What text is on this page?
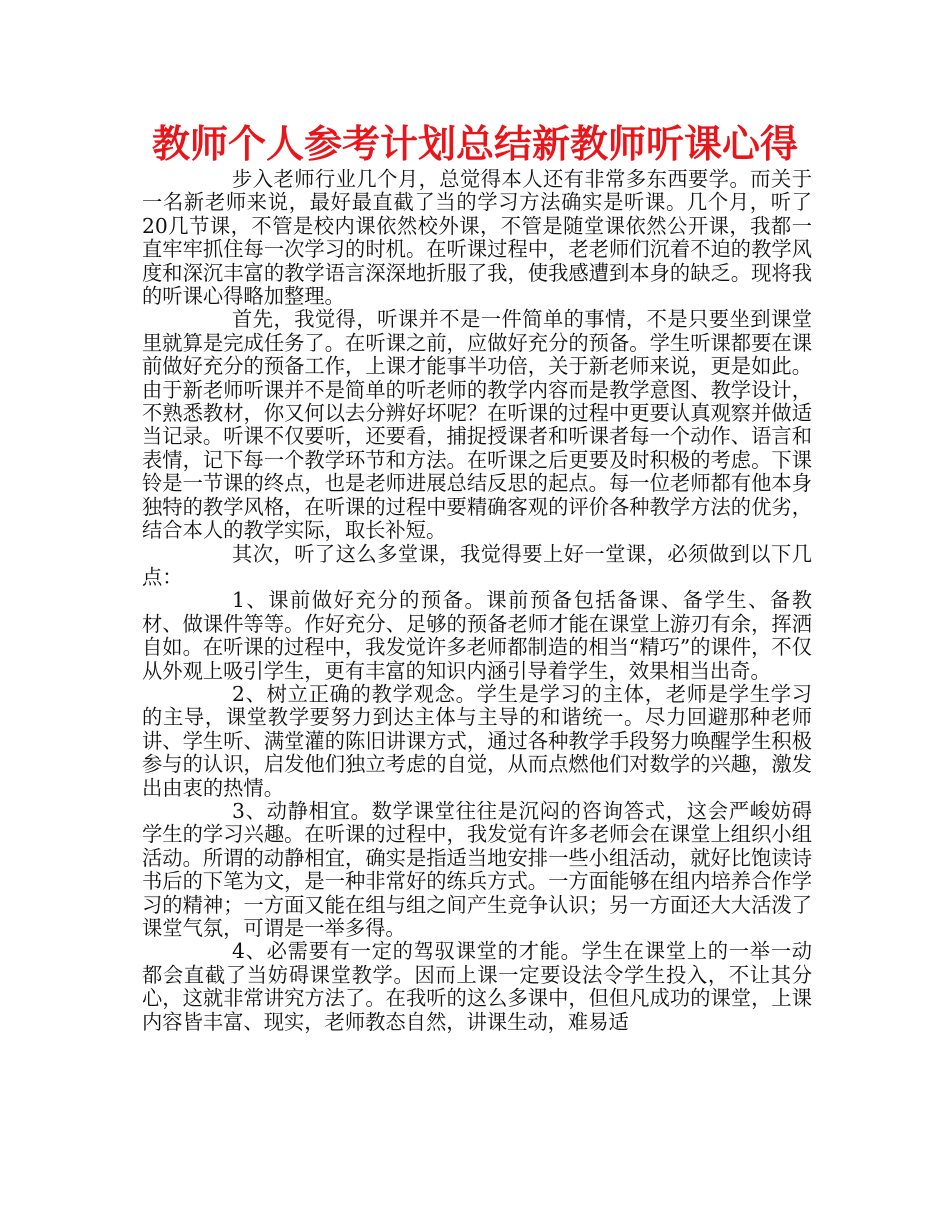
教师个人参考计划总结新教师听课心得

步入老师行业几个月，总觉得本人还有非常多东西要学。而关于一名新老师来说，最好最直截了当的学习方法确实是听课。几个月，听了20几节课，不管是校内课依然校外课，不管是随堂课依然公开课，我都一直牢牢抓住每一次学习的时机。在听课过程中，老老师们沉着不迫的教学风度和深沉丰富的教学语言深深地折服了我，使我感遭到本身的缺乏。现将我的听课心得略加整理。

首先，我觉得，听课并不是一件简单的事情，不是只要坐到课堂里就算是完成任务了。在听课之前，应做好充分的预备。学生听课都要在课前做好充分的预备工作，上课才能事半功倍，关于新老师来说，更是如此。由于新老师听课并不是简单的听老师的教学内容而是教学意图、教学设计，不熟悉教材，你又何以去分辨好坏呢？在听课的过程中更要认真观察并做适当记录。听课不仅要听，还要看，捕捉授课者和听课者每一个动作、语言和表情，记下每一个教学环节和方法。在听课之后更要及时积极的考虑。下课铃是一节课的终点，也是老师进展总结反思的起点。每一位老师都有他本身独特的教学风格，在听课的过程中要精确客观的评价各种教学方法的优劣，结合本人的教学实际，取长补短。

其次，听了这么多堂课，我觉得要上好一堂课，必须做到以下几点：

1、课前做好充分的预备。课前预备包括备课、备学生、备教材、做课件等等。作好充分、足够的预备老师才能在课堂上游刃有余，挥洒自如。在听课的过程中，我发觉许多老师都制造的相当“精巧”的课件，不仅从外观上吸引学生，更有丰富的知识内涵引导着学生，效果相当出奇。

2、树立正确的教学观念。学生是学习的主体，老师是学生学习的主导，课堂教学要努力到达主体与主导的和谐统一。尽力回避那种老师讲、学生听、满堂灌的陈旧讲课方式，通过各种教学手段努力唤醒学生积极参与的认识，启发他们独立考虑的自觉，从而点燃他们对数学的兴趣，激发出由衷的热情。

3、动静相宜。数学课堂往往是沉闷的咨询答式，这会严峻妨碍学生的学习兴趣。在听课的过程中，我发觉有许多老师会在课堂上组织小组活动。所谓的动静相宜，确实是指适当地安排一些小组活动，就好比饱读诗书后的下笔为文，是一种非常好的练兵方式。一方面能够在组内培养合作学习的精神；一方面又能在组与组之间产生竞争认识；另一方面还大大活泼了课堂气氛，可谓是一举多得。

4、必需要有一定的驾驭课堂的才能。学生在课堂上的一举一动都会直截了当妨碍课堂教学。因而上课一定要设法令学生投入，不让其分心，这就非常讲究方法了。在我听的这么多课中，但但凡成功的课堂，上课内容皆丰富、现实，老师教态自然，讲课生动，难易适
